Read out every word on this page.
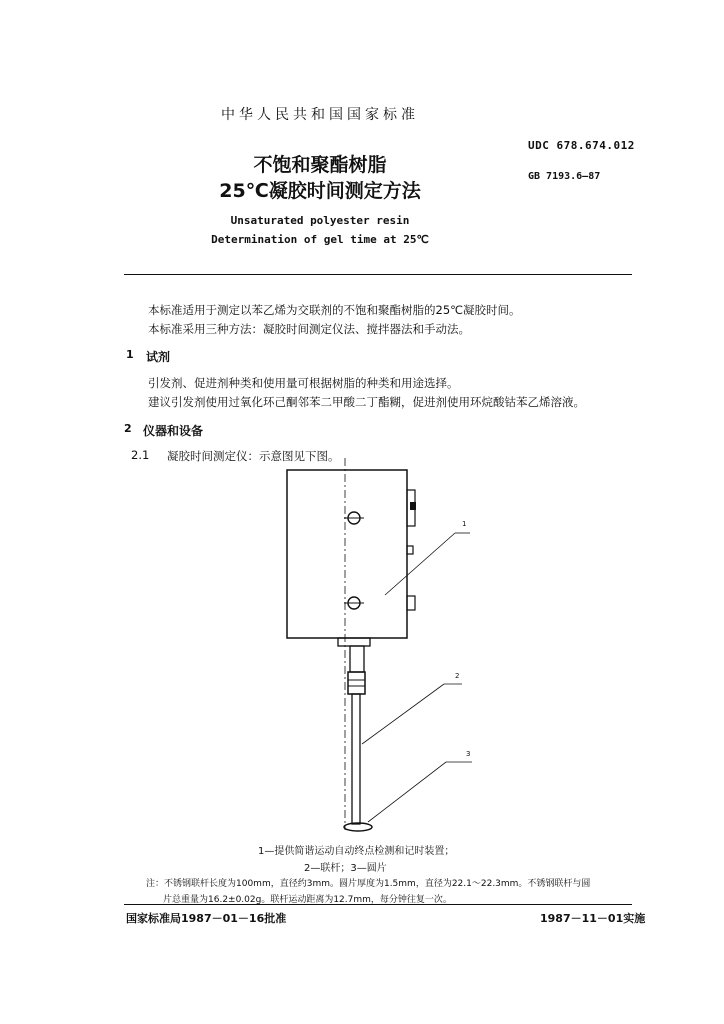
中华人民共和国国家标准
UDC 678.674.012
GB 7193.6—87
不饱和聚酯树脂
25℃凝胶时间测定方法
Unsaturated polyester resin
Determination of gel time at 25℃
本标准适用于测定以苯乙烯为交联剂的不饱和聚酯树脂的25℃凝胶时间。
本标准采用三种方法：凝胶时间测定仪法、搅拌器法和手动法。
1 试剂
引发剂、促进剂种类和使用量可根据树脂的种类和用途选择。
建议引发剂使用过氧化环己酮邻苯二甲酸二丁酯糊，促进剂使用环烷酸钴苯乙烯溶液。
2 仪器和设备
2.1 凝胶时间测定仪：示意图见下图。
1
2
3
1—提供简谐运动自动终点检测和记时装置；
2—联杆；3—圆片
注：不锈钢联杆长度为100mm，直径约3mm。圆片厚度为1.5mm，直径为22.1～22.3mm。不锈钢联杆与圆
片总重量为16.2±0.02g。联杆运动距离为12.7mm，每分钟往复一次。
国家标准局1987－01－16批准	1987－11－01实施
